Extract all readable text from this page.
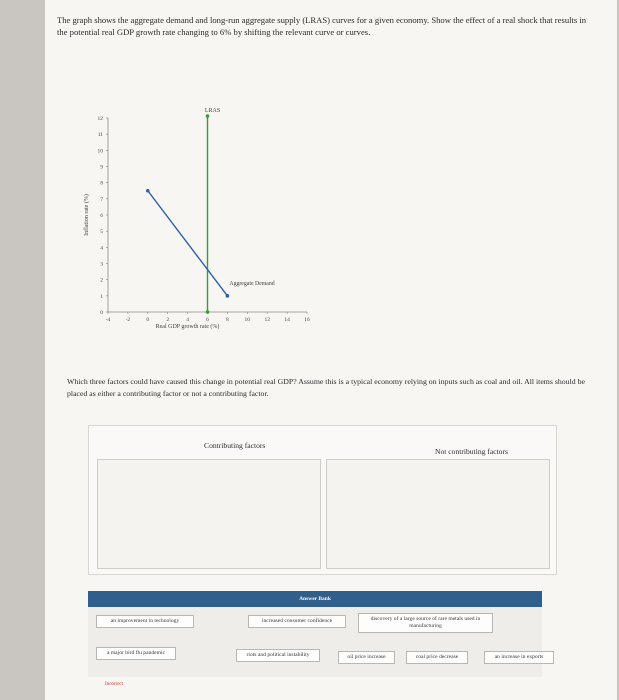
The graph shows the aggregate demand and long-run aggregate supply (LRAS) curves for a given economy. Show the effect of a real shock that results in the potential real GDP growth rate changing to 6% by shifting the relevant curve or curves.
0
1
2
3
4
5
6
7
8
9
10
11
12
-4	-2	0	2	4	6	8	10	12	14	16
Real GDP growth rate (%)
Inflation rate (%)
LRAS
Aggregate Demand
Which three factors could have caused this change in potential real GDP? Assume this is a typical economy relying on inputs such as coal and oil. All items should be placed as either a contributing factor or not a contributing factor.
Contributing factors
Not contributing factors
Answer Bank
an improvement in technology	increased consumer confidence	discovery of a large source of rare metals used in manufacturing
a major bird flu pandemic	riots and political instability	oil price increase	coal price decrease	an increase in exports
Incorrect
